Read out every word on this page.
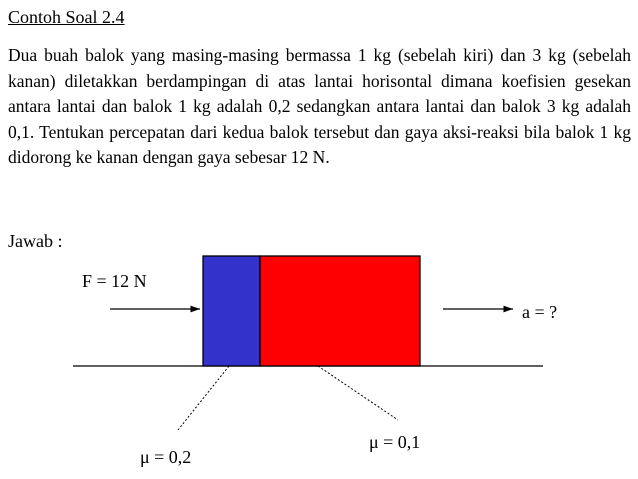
Contoh Soal 2.4
Dua buah balok yang masing-masing bermassa 1 kg (sebelah kiri) dan 3 kg (sebelah kanan) diletakkan berdampingan di atas lantai horisontal dimana koefisien gesekan antara lantai dan balok 1 kg adalah 0,2 sedangkan antara lantai dan balok 3 kg adalah 0,1. Tentukan percepatan dari kedua balok tersebut dan gaya aksi-reaksi bila balok 1 kg didorong ke kanan dengan gaya sebesar 12 N.
Jawab :
F = 12 N
a = ?
μ = 0,2
μ = 0,1
